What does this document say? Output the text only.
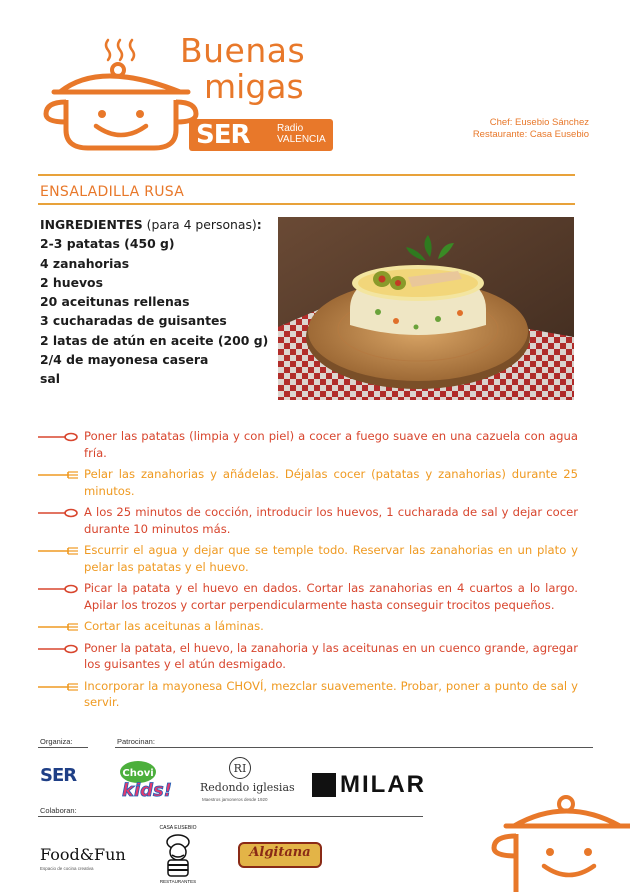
Buenas
migas
SER	Radio
VALENCIA
Chef: Eusebio Sánchez
Restaurante: Casa Eusebio
ENSALADILLA RUSA
INGREDIENTES (para 4 personas):
2-3 patatas (450 g)
4 zanahorias
2 huevos
20 aceitunas rellenas
3 cucharadas de guisantes
2 latas de atún en aceite (200 g)
2/4 de mayonesa casera
sal
Poner las patatas (limpia y con piel) a cocer a fuego suave en una cazuela con agua fría.
Pelar las zanahorias y añádelas. Déjalas cocer (patatas y zanahorias) durante 25 minutos.
A los 25 minutos de cocción, introducir los huevos, 1 cucharada de sal y dejar cocer durante 10 minutos más.
Escurrir el agua y dejar que se temple todo. Reservar las zanahorias en un plato y pelar las patatas y el huevo.
Picar la patata y el huevo en dados. Cortar las zanahorias en 4 cuartos a lo largo. Apilar los trozos y cortar perpendicularmente hasta conseguir trocitos pequeños.
Cortar las aceitunas a láminas.
Poner la patata, el huevo, la zanahoria y las aceitunas en un cuenco grande, agregar los guisantes y el atún desmigado.
Incorporar la mayonesa CHOVÍ, mezclar suavemente. Probar, poner a punto de sal y servir.
Organiza:	Patrocinan:
SER	Chovi
kids!
RI
Redondo iglesias
Maestros jamoneros desde 1920
MILAR
Colaboran:
Food&Fun
Espacio de cocina creativa
CASA EUSEBIO
RESTAURANTES
Algitana
